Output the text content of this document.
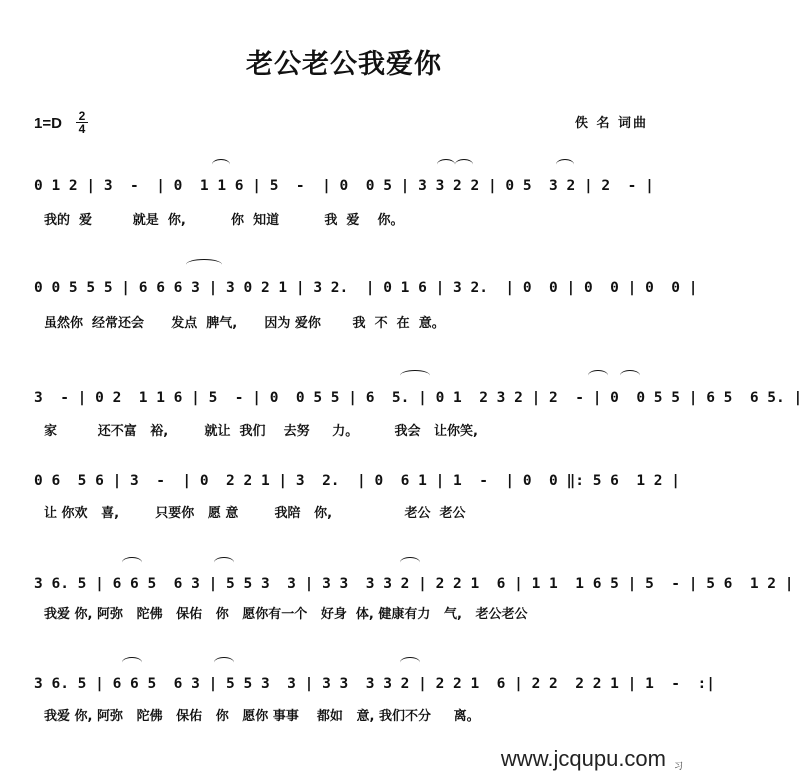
老公老公我爱你
$1=D \frac{2}{4}$	佚 名 词曲
0 1 2 | 3  -  | 0  1 1 6 | 5  -  | 0  0 5 | 3 3 2 2 | 0 5  3 2 | 2  - |
我的  爱         就是  你,          你  知道          我  爱    你。
0 0 5 5 5 | 6 6 6 3 | 3 0 2 1 | 3 2.  | 0 1 6 | 3 2.  | 0  0 | 0  0 | 0  0 |
虽然你  经常还会      发点  脾气,      因为 爱你       我  不  在  意。
3  - | 0 2  1 1 6 | 5  - | 0  0 5 5 | 6  5. | 0 1  2 3 2 | 2  - | 0  0 5 5 | 6 5  6 5. |
家         还不富   裕,        就让  我们    去努     力。        我会   让你笑,
0 6  5 6 | 3  -  | 0  2 2 1 | 3  2.  | 0  6 1 | 1  -  | 0  0 ‖: 5 6  1 2 |
让 你欢   喜,        只要你   愿 意        我陪   你,                老公  老公
3 6. 5 | 6 6 5  6 3 | 5 5 3  3 | 3 3  3 3 2 | 2 2 1  6 | 1 1  1 6 5 | 5  - | 5 6  1 2 |
我爱 你, 阿弥   陀佛   保佑   你   愿你有一个   好身  体, 健康有力   气,   老公老公
3 6. 5 | 6 6 5  6 3 | 5 5 3  3 | 3 3  3 3 2 | 2 2 1  6 | 2 2  2 2 1 | 1  -  :|
我爱 你, 阿弥   陀佛   保佑   你   愿你 事事    都如   意, 我们不分     离。
www.jcqupu.com 习
